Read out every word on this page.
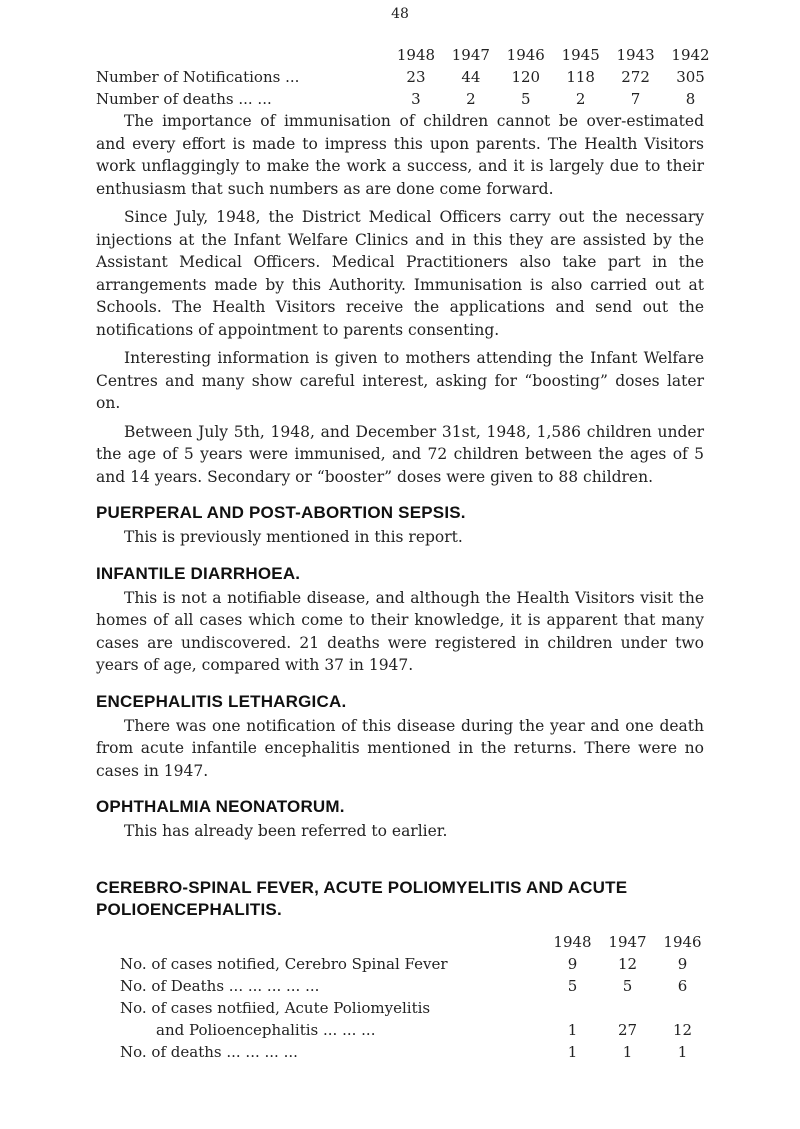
48
	1948	1947	1946	1945	1943	1942
Number of Notifications ...	23	44	120	118	272	305
Number of deaths ... ...	3	2	5	2	7	8

The importance of immunisation of children cannot be over-estimated and every effort is made to impress this upon parents. The Health Visitors work unflaggingly to make the work a success, and it is largely due to their enthusiasm that such numbers as are done come forward.

Since July, 1948, the District Medical Officers carry out the necessary injections at the Infant Welfare Clinics and in this they are assisted by the Assistant Medical Officers. Medical Practitioners also take part in the arrangements made by this Authority. Immunisation is also carried out at Schools. The Health Visitors receive the applications and send out the notifications of appointment to parents consenting.

Interesting information is given to mothers attending the Infant Welfare Centres and many show careful interest, asking for “boosting” doses later on.

Between July 5th, 1948, and December 31st, 1948, 1,586 children under the age of 5 years were immunised, and 72 children between the ages of 5 and 14 years. Secondary or “booster” doses were given to 88 children.

PUERPERAL AND POST-ABORTION SEPSIS.

This is previously mentioned in this report.

INFANTILE DIARRHOEA.

This is not a notifiable disease, and although the Health Visitors visit the homes of all cases which come to their knowledge, it is apparent that many cases are undiscovered. 21 deaths were registered in children under two years of age, compared with 37 in 1947.

ENCEPHALITIS LETHARGICA.

There was one notification of this disease during the year and one death from acute infantile encephalitis mentioned in the returns. There were no cases in 1947.

OPHTHALMIA NEONATORUM.

This has already been referred to earlier.

CEREBRO-SPINAL FEVER, ACUTE POLIOMYELITIS AND ACUTE POLIOENCEPHALITIS.
	1948	1947	1946
No. of cases notified, Cerebro Spinal Fever	9	12	9
No. of Deaths ... ... ... ... ...	5	5	6
No. of cases notfiied, Acute Poliomyelitis			
and Polioencephalitis ... ... ...	1	27	12
No. of deaths ... ... ... ...	1	1	1
